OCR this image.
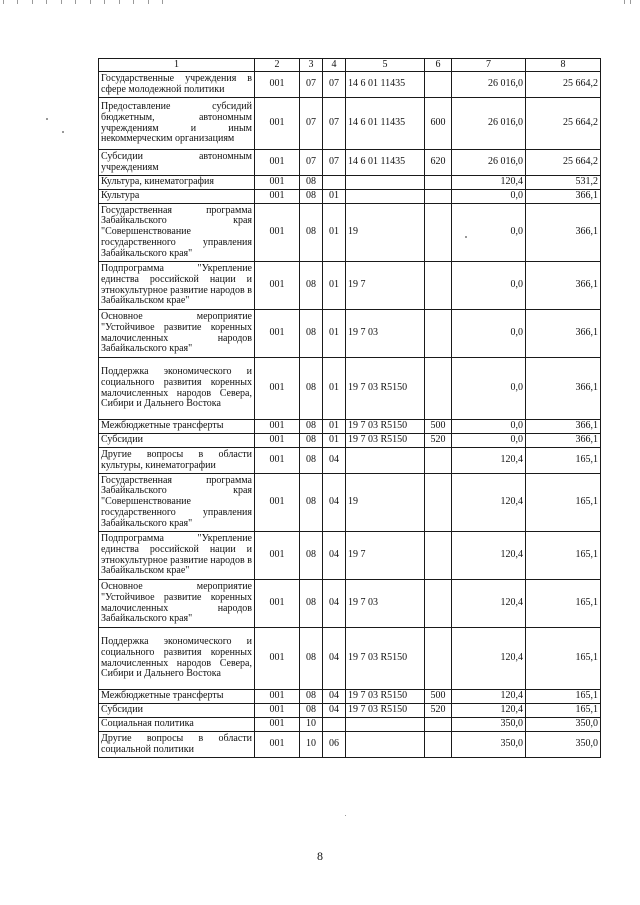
1	2	3	4	5	6	7	8
Государственные учреждения в сфере молодежной политики	001	07	07	14 6 01 11435		26 016,0	25 664,2
Предоставление субсидий бюджетным, автономным учреждениям и иным некоммерческим организациям	001	07	07	14 6 01 11435	600	26 016,0	25 664,2
Субсидии автономным учреждениям	001	07	07	14 6 01 11435	620	26 016,0	25 664,2
Культура, кинематография	001	08				120,4	531,2
Культура	001	08	01			0,0	366,1
Государственная программа Забайкальского края "Совершенствование государственного управления Забайкальского края"	001	08	01	19		0,0	366,1
Подпрограмма "Укрепление единства российской нации и этнокультурное развитие народов в Забайкальском крае"	001	08	01	19 7		0,0	366,1
Основное мероприятие "Устойчивое развитие коренных малочисленных народов Забайкальского края"	001	08	01	19 7 03		0,0	366,1
Поддержка экономического и социального развития коренных малочисленных народов Севера, Сибири и Дальнего Востока	001	08	01	19 7 03 R5150		0,0	366,1
Межбюджетные трансферты	001	08	01	19 7 03 R5150	500	0,0	366,1
Субсидии	001	08	01	19 7 03 R5150	520	0,0	366,1
Другие вопросы в области культуры, кинематографии	001	08	04			120,4	165,1
Государственная программа Забайкальского края "Совершенствование государственного управления Забайкальского края"	001	08	04	19		120,4	165,1
Подпрограмма "Укрепление единства российской нации и этнокультурное развитие народов в Забайкальском крае"	001	08	04	19 7		120,4	165,1
Основное мероприятие "Устойчивое развитие коренных малочисленных народов Забайкальского края"	001	08	04	19 7 03		120,4	165,1
Поддержка экономического и социального развития коренных малочисленных народов Севера, Сибири и Дальнего Востока	001	08	04	19 7 03 R5150		120,4	165,1
Межбюджетные трансферты	001	08	04	19 7 03 R5150	500	120,4	165,1
Субсидии	001	08	04	19 7 03 R5150	520	120,4	165,1
Социальная политика	001	10				350,0	350,0
Другие вопросы в области социальной политики	001	10	06			350,0	350,0
8
